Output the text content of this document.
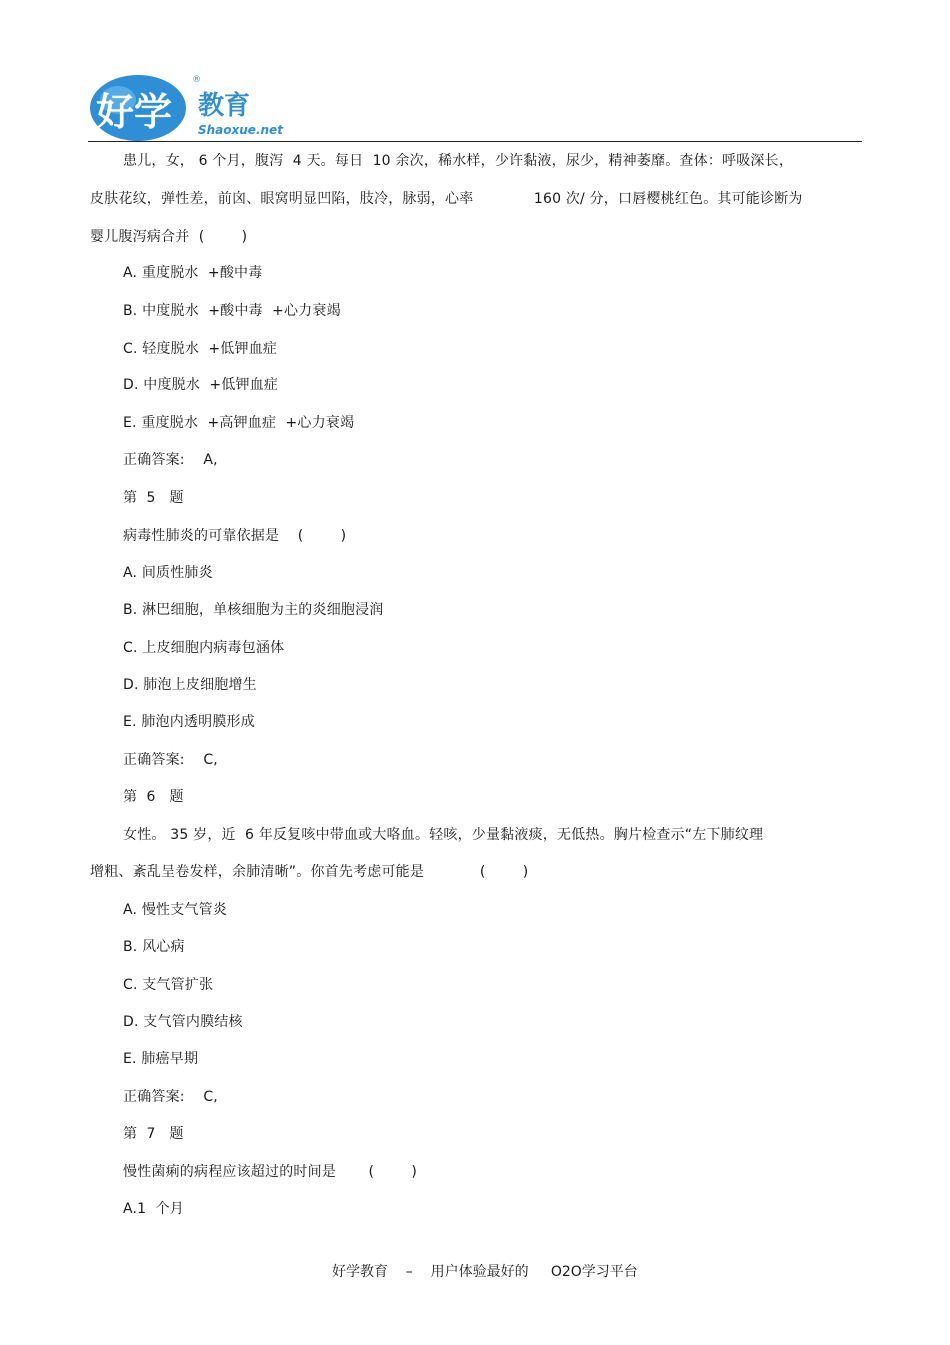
好学 教育
Shaoxue.net
®
患儿，女， 6 个月，腹泻  4 天。每日  10 余次，稀水样，少许黏液，尿少，精神萎靡。查体：呼吸深长，
皮肤花纹，弹性差，前囟、眼窝明显凹陷，肢冷，脉弱，心率             160 次/ 分，口唇樱桃红色。其可能诊断为
婴儿腹泻病合并  (        )
A. 重度脱水  +酸中毒
B. 中度脱水  +酸中毒  +心力衰竭
C. 轻度脱水  +低钾血症
D. 中度脱水  +低钾血症
E. 重度脱水  +高钾血症  +心力衰竭
正确答案:    A,
第  5   题
病毒性肺炎的可靠依据是    (        )
A. 间质性肺炎
B. 淋巴细胞，单核细胞为主的炎细胞浸润
C. 上皮细胞内病毒包涵体
D. 肺泡上皮细胞增生
E. 肺泡内透明膜形成
正确答案:    C,
第  6   题
女性。 35 岁，近  6 年反复咳中带血或大咯血。轻咳，少量黏液痰，无低热。胸片检查示“左下肺纹理
增粗、紊乱呈卷发样，余肺清晰”。你首先考虑可能是            (        )
A. 慢性支气管炎
B. 风心病
C. 支气管扩张
D. 支气管内膜结核
E. 肺癌早期
正确答案:    C,
第  7   题
慢性菌痢的病程应该超过的时间是       (        )
A.1  个月
好学教育    –    用户体验最好的     O2O学习平台
